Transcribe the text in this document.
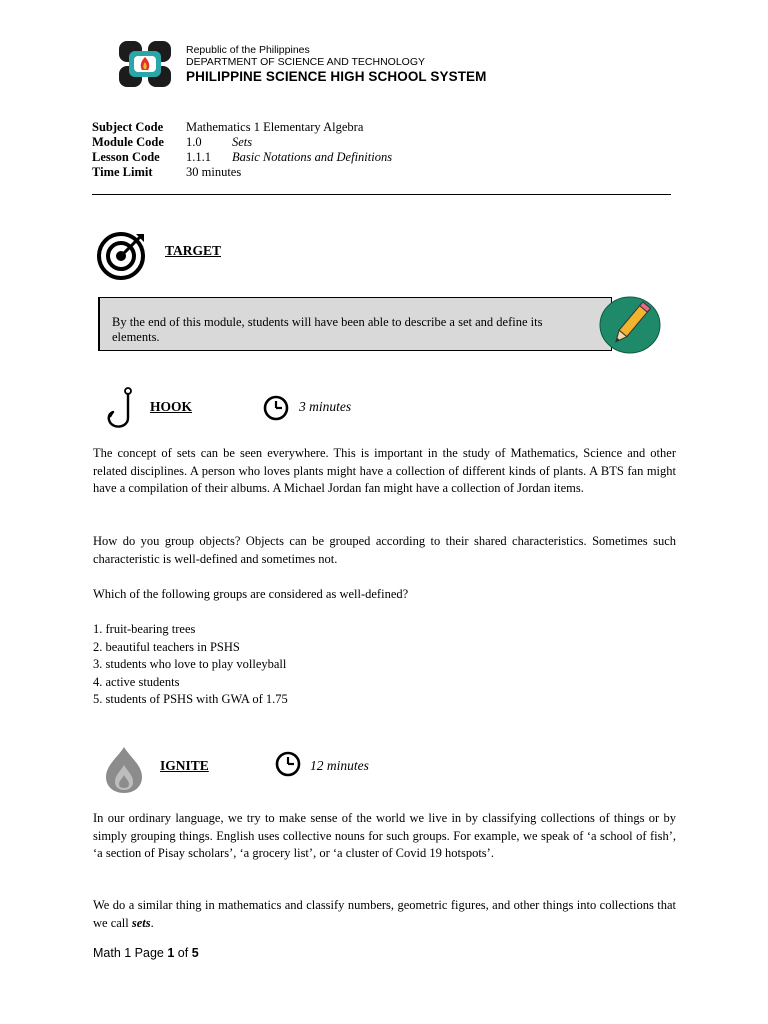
Republic of the Philippines
DEPARTMENT OF SCIENCE AND TECHNOLOGY
PHILIPPINE SCIENCE HIGH SCHOOL SYSTEM
Subject Code	Mathematics 1 Elementary Algebra
Module Code	1.0	Sets
Lesson Code	1.1.1	Basic Notations and Definitions
Time Limit	30 minutes
TARGET
By the end of this module, students will have been able to describe a set and define its elements.
HOOK	3 minutes
The concept of sets can be seen everywhere. This is important in the study of Mathematics, Science and other related disciplines. A person who loves plants might have a collection of different kinds of plants. A BTS fan might have a compilation of their albums. A Michael Jordan fan might have a collection of Jordan items.
How do you group objects? Objects can be grouped according to their shared characteristics. Sometimes such characteristic is well-defined and sometimes not.
Which of the following groups are considered as well-defined?
1. fruit-bearing trees
2. beautiful teachers in PSHS
3. students who love to play volleyball
4. active students
5. students of PSHS with GWA of 1.75
IGNITE	12 minutes
In our ordinary language, we try to make sense of the world we live in by classifying collections of things or by simply grouping things. English uses collective nouns for such groups. For example, we speak of ‘a school of fish’, ‘a section of Pisay scholars’, ‘a grocery list’, or ‘a cluster of Covid 19 hotspots’.
We do a similar thing in mathematics and classify numbers, geometric figures, and other things into collections that we call sets.
Math 1 Page 1 of 5
